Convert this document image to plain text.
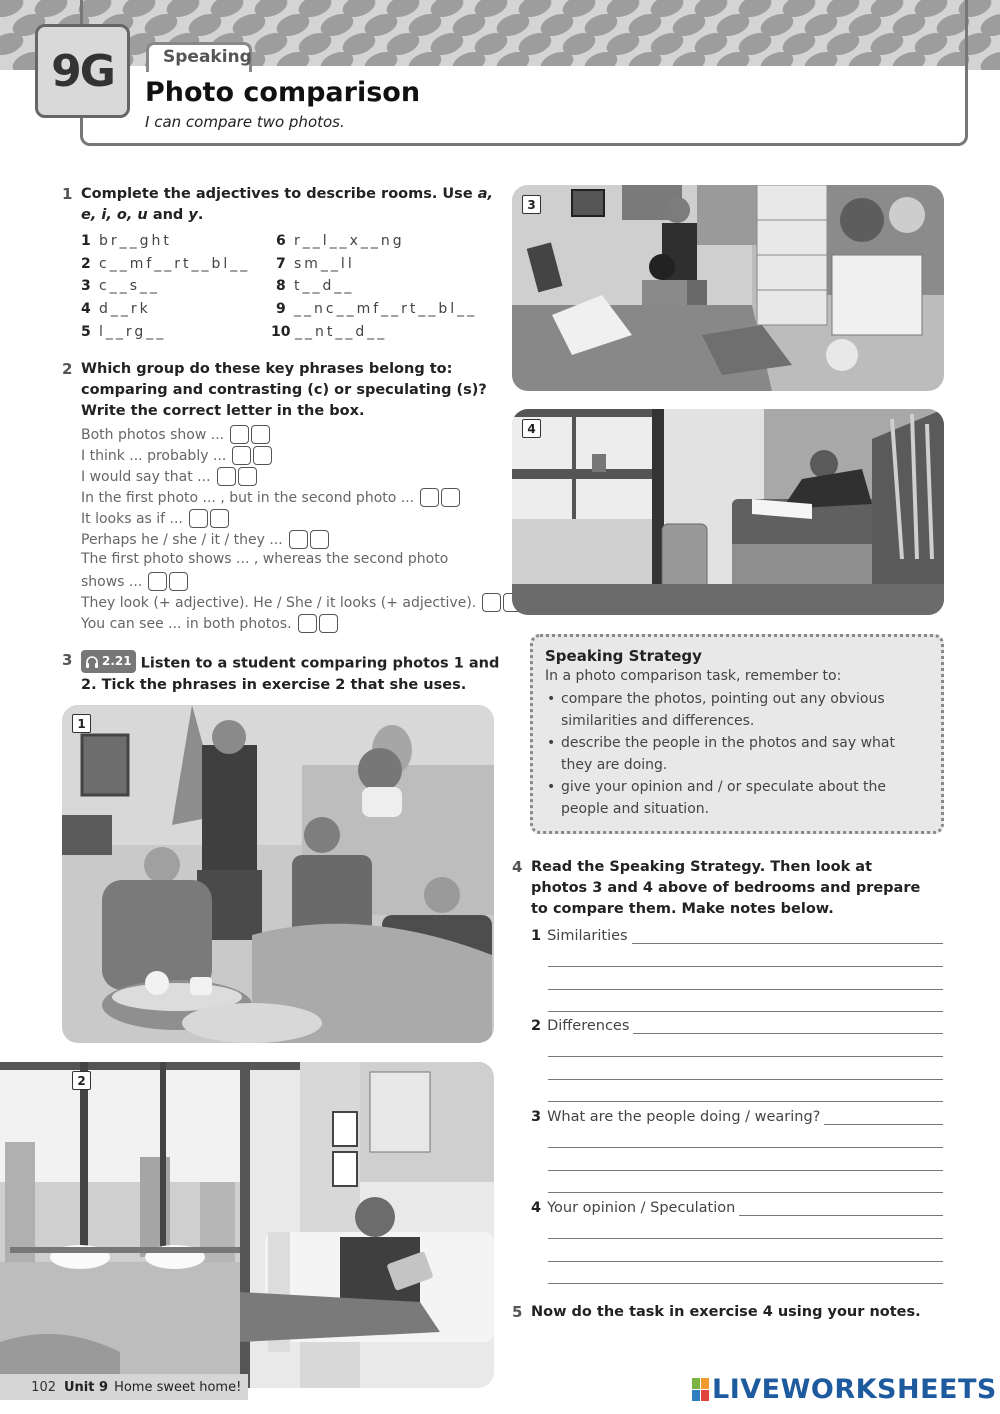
9G	Speaking
Photo comparison
I can compare two photos.
1 Complete the adjectives to describe rooms. Use a, e, i, o, u and y.
1 br__ght
2 c__mf__rt__bl__
3 c__s__
4 d__rk
5 l__rg__
6 r__l__x__ng
7 sm__ll
8 t__d__
9 __nc__mf__rt__bl__
10 __nt__d__
2 Which group do these key phrases belong to: comparing and contrasting (c) or speculating (s)? Write the correct letter in the box.
Both photos show ...
I think ... probably ...
I would say that ...
In the first photo ... , but in the second photo ...
It looks as if ...
Perhaps he / she / it / they ...
The first photo shows ... , whereas the second photo
shows ...
They look (+ adjective). He / She / it looks (+ adjective).
You can see ... in both photos.
3 2.21 Listen to a student comparing photos 1 and 2. Tick the phrases in exercise 2 that she uses.
1
2
3
4
Speaking Strategy

In a photo comparison task, remember to:

• compare the photos, pointing out any obvious similarities and differences.
• describe the people in the photos and say what they are doing.
• give your opinion and / or speculate about the people and situation.
4 Read the Speaking Strategy. Then look at photos 3 and 4 above of bedrooms and prepare to compare them. Make notes below.
1 Similarities
2 Differences
3 What are the people doing / wearing?
4 Your opinion / Speculation
5 Now do the task in exercise 4 using your notes.
102 Unit 9 Home sweet home!	LIVEWORKSHEETS
